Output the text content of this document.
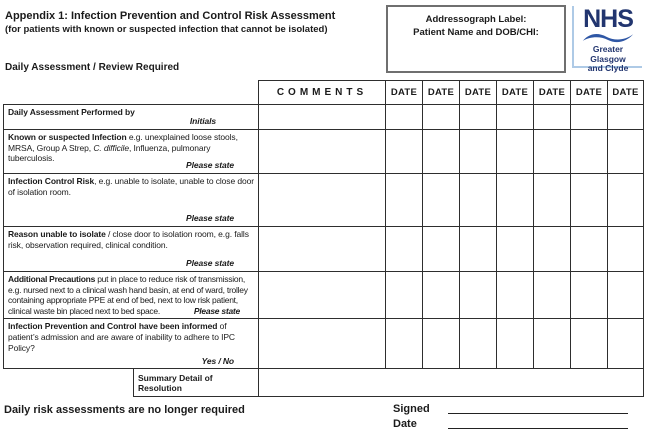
Appendix 1: Infection Prevention and Control Risk Assessment
(for patients with known or suspected infection that cannot be isolated)
Daily Assessment / Review Required
Addressograph Label:
Patient Name and DOB/CHI:	NHS
Greater Glasgow
and Clyde
		COMMENTS	DATE	DATE	DATE	DATE	DATE	DATE	DATE

Daily Assessment Performed by
Initials									

Known or suspected Infection e.g. unexplained loose stools, MRSA, Group A Strep, C. difficile, Influenza, pulmonary tuberculosis.
Please state									

Infection Control Risk, e.g. unable to isolate, unable to close door of isolation room.
Please state									

Reason unable to isolate / close door to isolation room, e.g. falls risk, observation required, clinical condition.
Please state									

Additional Precautions put in place to reduce risk of transmission, e.g. nursed next to a clinical wash hand basin, at end of ward, trolley containing appropriate PPE at end of bed, next to low risk patient, clinical waste bin placed next to bed space. Please state									

Infection Prevention and Control have been informed of patient’s admission and are aware of inability to adhere to IPC Policy?
Yes / No									

	Summary Detail of Resolution								
Daily risk assessments are no longer required	Signed
Date
